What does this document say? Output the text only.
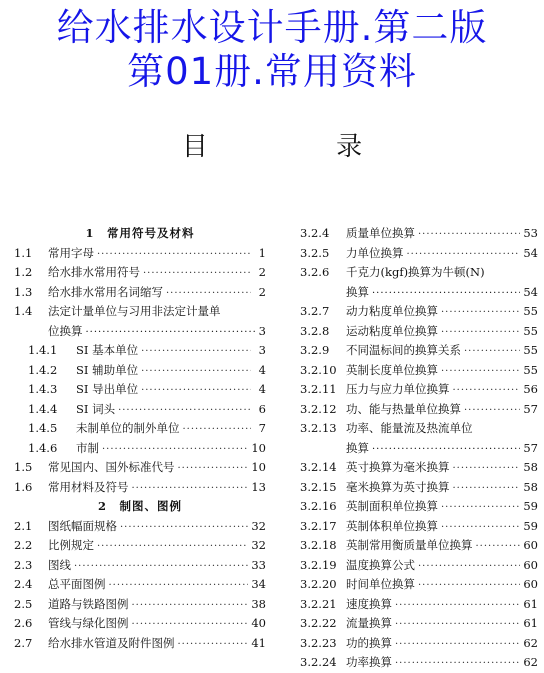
给水排水设计手册.第二版
第01册.常用资料
目 录
1　常用符号及材料
1.1	常用字母 ·····	1
1.2	给水排水常用符号 ·····	2
1.3	给水排水常用名词缩写 ·····	2
1.4	法定计量单位与习用非法定计量单
位换算 ·····	3
1.4.1	SI 基本单位 ·····	3
1.4.2	SI 辅助单位 ·····	4
1.4.3	SI 导出单位 ·····	4
1.4.4	SI 词头 ·····	6
1.4.5	未制单位的制外单位 ·····	7
1.4.6	市制 ·····	10
1.5	常见国内、国外标准代号 ·····	10
1.6	常用材料及符号 ·····	13
2　制图、图例
2.1	图纸幅面规格 ·····	32
2.2	比例规定 ·····	32
2.3	图线 ·····	33
2.4	总平面图例 ·····	34
2.5	道路与铁路图例 ·····	38
2.6	管线与绿化图例 ·····	40
2.7	给水排水管道及附件图例 ·····	41
3.2.4	质量单位换算 ·····	53
3.2.5	力单位换算 ·····	54
3.2.6	千克力(kgf)换算为牛顿(N)
换算 ·····	54
3.2.7	动力粘度单位换算 ·····	55
3.2.8	运动粘度单位换算 ·····	55
3.2.9	不同温标间的换算关系 ·····	55
3.2.10 英制长度单位换算 ·····	55
3.2.11 压力与应力单位换算 ·····	56
3.2.12 功、能与热量单位换算 ·····	57
3.2.13 功率、能量流及热流单位
换算 ·····	57
3.2.14 英寸换算为毫米换算 ·····	58
3.2.15 毫米换算为英寸换算 ·····	58
3.2.16 英制面积单位换算 ·····	59
3.2.17 英制体积单位换算 ·····	59
3.2.18 英制常用衡质量单位换算 ·····	60
3.2.19 温度换算公式 ·····	60
3.2.20 时间单位换算 ·····	60
3.2.21 速度换算 ·····	61
3.2.22 流量换算 ·····	61
3.2.23 功的换算 ·····	62
3.2.24 功率换算 ·····	62
